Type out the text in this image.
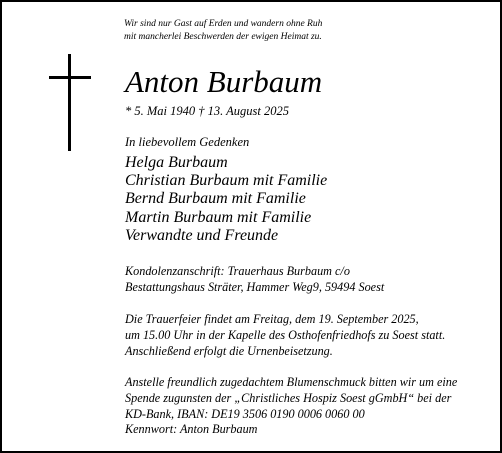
Wir sind nur Gast auf Erden und wandern ohne Ruh
mit mancherlei Beschwerden der ewigen Heimat zu.
Anton Burbaum
* 5. Mai 1940 † 13. August 2025
In liebevollem Gedenken
Helga Burbaum
Christian Burbaum mit Familie
Bernd Burbaum mit Familie
Martin Burbaum mit Familie
Verwandte und Freunde
Kondolenzanschrift: Trauerhaus Burbaum c/o
Bestattungshaus Sträter, Hammer Weg9, 59494 Soest
Die Trauerfeier findet am Freitag, dem 19. September 2025,
um 15.00 Uhr in der Kapelle des Osthofenfriedhofs zu Soest statt.
Anschließend erfolgt die Urnenbeisetzung.
Anstelle freundlich zugedachtem Blumenschmuck bitten wir um eine
Spende zugunsten der „Christliches Hospiz Soest gGmbH“ bei der
KD-Bank, IBAN: DE19 3506 0190 0006 0060 00
Kennwort: Anton Burbaum
